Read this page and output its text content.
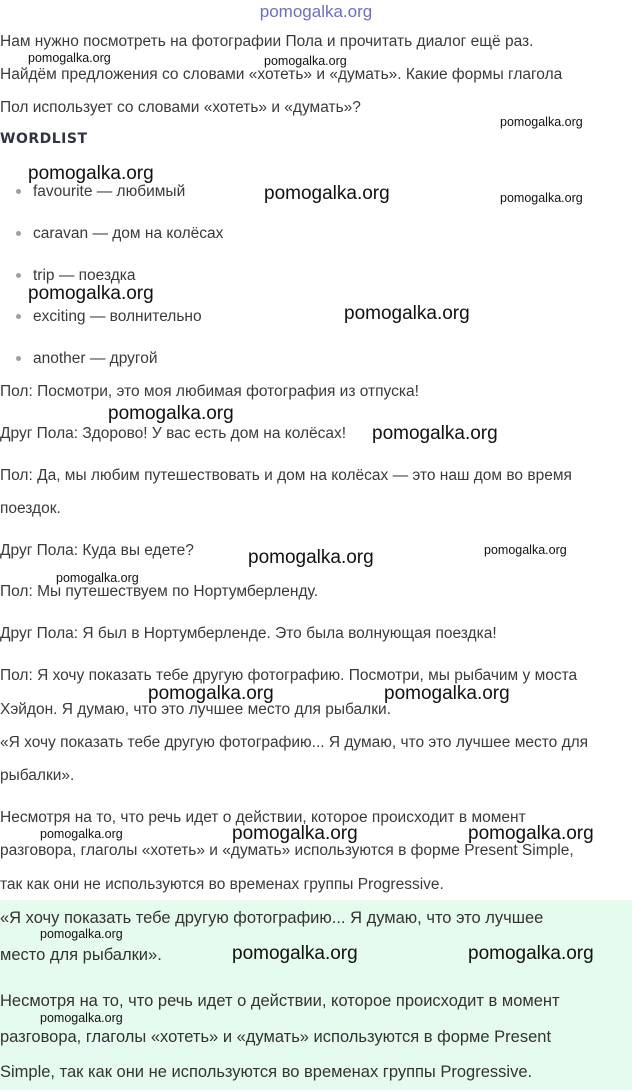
pomogalka.org

Нам нужно посмотреть на фотографии Пола и прочитать диалог ещё раз.

Найдём предложения со словами «хотеть» и «думать». Какие формы глагола

Пол использует со словами «хотеть» и «думать»?

WORDLIST
favourite — любимый
caravan — дом на колёсах
trip — поездка
exciting — волнительно
another — другой

Пол: Посмотри, это моя любимая фотография из отпуска!

Друг Пола: Здорово! У вас есть дом на колёсах!

Пол: Да, мы любим путешествовать и дом на колёсах — это наш дом во время

поездок.

Друг Пола: Куда вы едете?

Пол: Мы путешествуем по Нортумберленду.

Друг Пола: Я был в Нортумберленде. Это была волнующая поездка!

Пол: Я хочу показать тебе другую фотографию. Посмотри, мы рыбачим у моста

Хэйдон. Я думаю, что это лучшее место для рыбалки.

«Я хочу показать тебе другую фотографию... Я думаю, что это лучшее место для

рыбалки».

Несмотря на то, что речь идет о действии, которое происходит в момент

разговора, глаголы «хотеть» и «думать» используются в форме Present Simple,

так как они не используются во временах группы Progressive.

«Я хочу показать тебе другую фотографию... Я думаю, что это лучшее

место для рыбалки».

Несмотря на то, что речь идет о действии, которое происходит в момент

разговора, глаголы «хотеть» и «думать» используются в форме Present

Simple, так как они не используются во временах группы Progressive.

pomogalka.org	pomogalka.org
pomogalka.org
pomogalka.org
pomogalka.org	pomogalka.org
pomogalka.org
pomogalka.org
pomogalka.org
pomogalka.org
pomogalka.org	pomogalka.org
pomogalka.org
pomogalka.org	pomogalka.org
pomogalka.org	pomogalka.org	pomogalka.org
pomogalka.org
pomogalka.org	pomogalka.org
pomogalka.org
